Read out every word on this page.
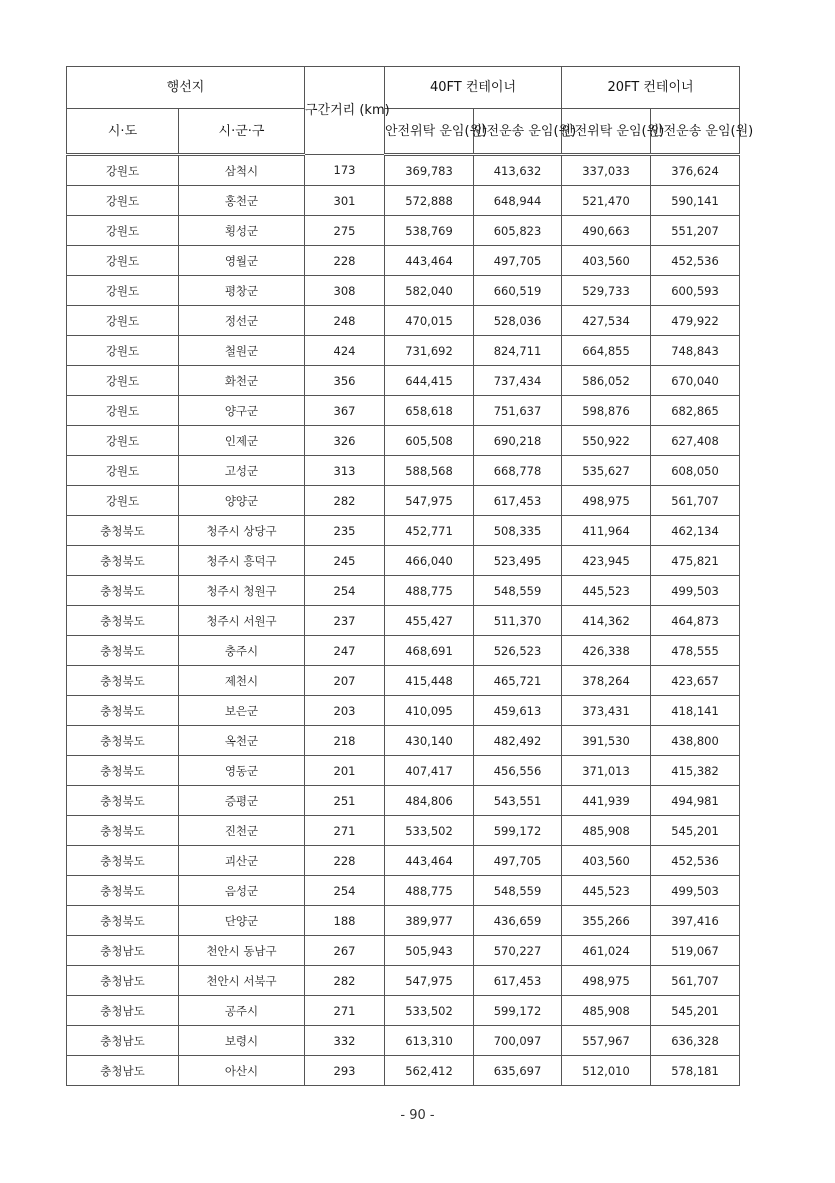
행선지		구간거리 (km)	40FT 컨테이너		20FT 컨테이너	
시·도	시·군·구		안전위탁 운임(원)	안전운송 운임(원)	안전위탁 운임(원)	안전운송 운임(원)
강원도	삼척시	173	369,783	413,632	337,033	376,624
강원도	홍천군	301	572,888	648,944	521,470	590,141
강원도	횡성군	275	538,769	605,823	490,663	551,207
강원도	영월군	228	443,464	497,705	403,560	452,536
강원도	평창군	308	582,040	660,519	529,733	600,593
강원도	정선군	248	470,015	528,036	427,534	479,922
강원도	철원군	424	731,692	824,711	664,855	748,843
강원도	화천군	356	644,415	737,434	586,052	670,040
강원도	양구군	367	658,618	751,637	598,876	682,865
강원도	인제군	326	605,508	690,218	550,922	627,408
강원도	고성군	313	588,568	668,778	535,627	608,050
강원도	양양군	282	547,975	617,453	498,975	561,707
충청북도	청주시 상당구	235	452,771	508,335	411,964	462,134
충청북도	청주시 흥덕구	245	466,040	523,495	423,945	475,821
충청북도	청주시 청원구	254	488,775	548,559	445,523	499,503
충청북도	청주시 서원구	237	455,427	511,370	414,362	464,873
충청북도	충주시	247	468,691	526,523	426,338	478,555
충청북도	제천시	207	415,448	465,721	378,264	423,657
충청북도	보은군	203	410,095	459,613	373,431	418,141
충청북도	옥천군	218	430,140	482,492	391,530	438,800
충청북도	영동군	201	407,417	456,556	371,013	415,382
충청북도	증평군	251	484,806	543,551	441,939	494,981
충청북도	진천군	271	533,502	599,172	485,908	545,201
충청북도	괴산군	228	443,464	497,705	403,560	452,536
충청북도	음성군	254	488,775	548,559	445,523	499,503
충청북도	단양군	188	389,977	436,659	355,266	397,416
충청남도	천안시 동남구	267	505,943	570,227	461,024	519,067
충청남도	천안시 서북구	282	547,975	617,453	498,975	561,707
충청남도	공주시	271	533,502	599,172	485,908	545,201
충청남도	보령시	332	613,310	700,097	557,967	636,328
충청남도	아산시	293	562,412	635,697	512,010	578,181
- 90 -
